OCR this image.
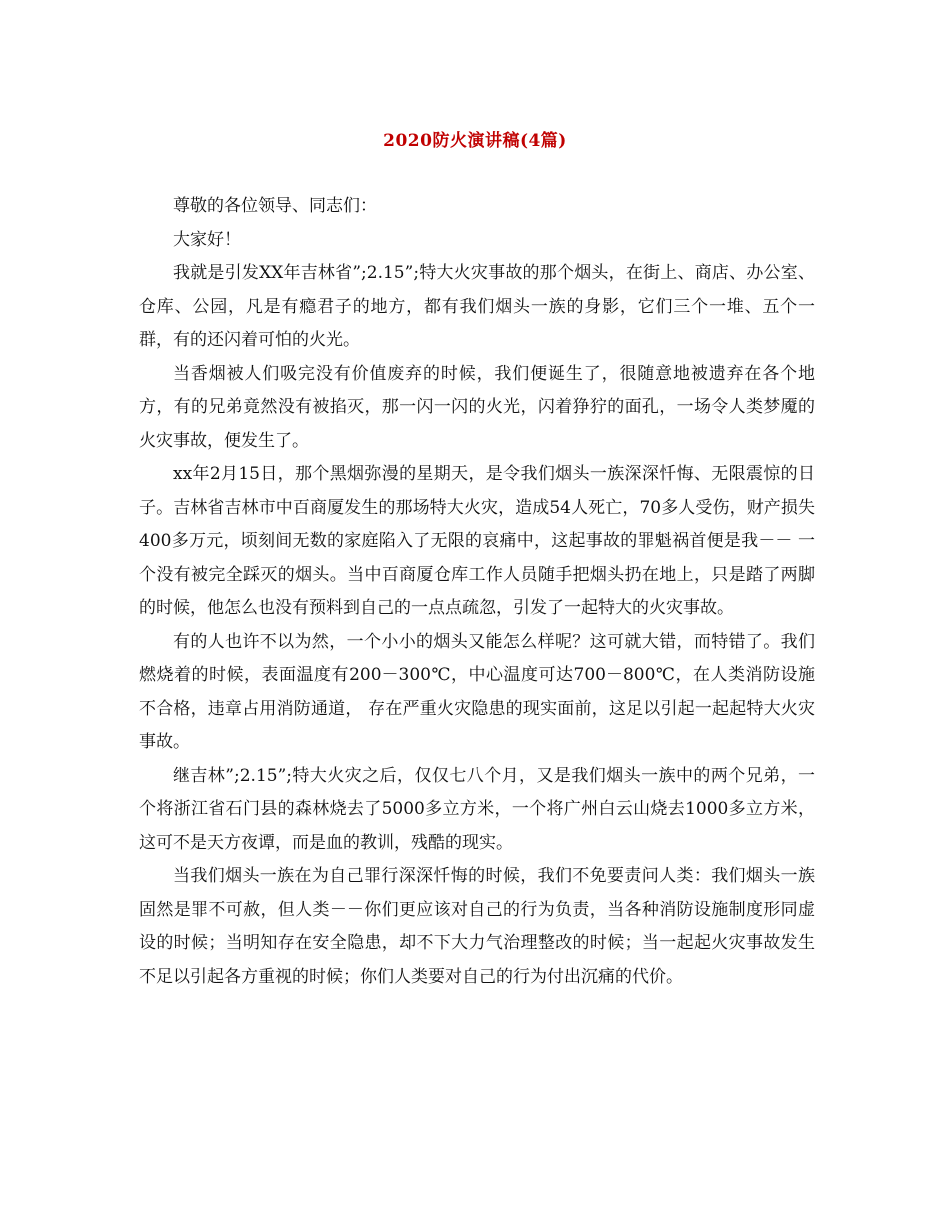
2020防火演讲稿(4篇)

尊敬的各位领导、同志们：

大家好！

我就是引发XX年吉林省”;2.15”;特大火灾事故的那个烟头，在街上、商店、办公室、仓库、公园，凡是有瘾君子的地方，都有我们烟头一族的身影，它们三个一堆、五个一群，有的还闪着可怕的火光。

当香烟被人们吸完没有价值废弃的时候，我们便诞生了，很随意地被遗弃在各个地方，有的兄弟竟然没有被掐灭，那一闪一闪的火光，闪着狰狞的面孔，一场令人类梦魇的火灾事故，便发生了。

xx年2月15日，那个黑烟弥漫的星期天，是令我们烟头一族深深忏悔、无限震惊的日子。吉林省吉林市中百商厦发生的那场特大火灾，造成54人死亡，70多人受伤，财产损失400多万元，顷刻间无数的家庭陷入了无限的哀痛中，这起事故的罪魁祸首便是我－－ 一个没有被完全踩灭的烟头。当中百商厦仓库工作人员随手把烟头扔在地上，只是踏了两脚的时候，他怎么也没有预料到自己的一点点疏忽，引发了一起特大的火灾事故。

有的人也许不以为然，一个小小的烟头又能怎么样呢？这可就大错，而特错了。我们燃烧着的时候，表面温度有200－300℃，中心温度可达700－800℃，在人类消防设施不合格，违章占用消防通道， 存在严重火灾隐患的现实面前，这足以引起一起起特大火灾事故。

继吉林”;2.15”;特大火灾之后，仅仅七八个月，又是我们烟头一族中的两个兄弟，一个将浙江省石门县的森林烧去了5000多立方米，一个将广州白云山烧去1000多立方米，这可不是天方夜谭，而是血的教训，残酷的现实。

当我们烟头一族在为自己罪行深深忏悔的时候，我们不免要责问人类：我们烟头一族固然是罪不可赦，但人类－－你们更应该对自己的行为负责，当各种消防设施制度形同虚设的时候；当明知存在安全隐患，却不下大力气治理整改的时候；当一起起火灾事故发生不足以引起各方重视的时候；你们人类要对自己的行为付出沉痛的代价。
